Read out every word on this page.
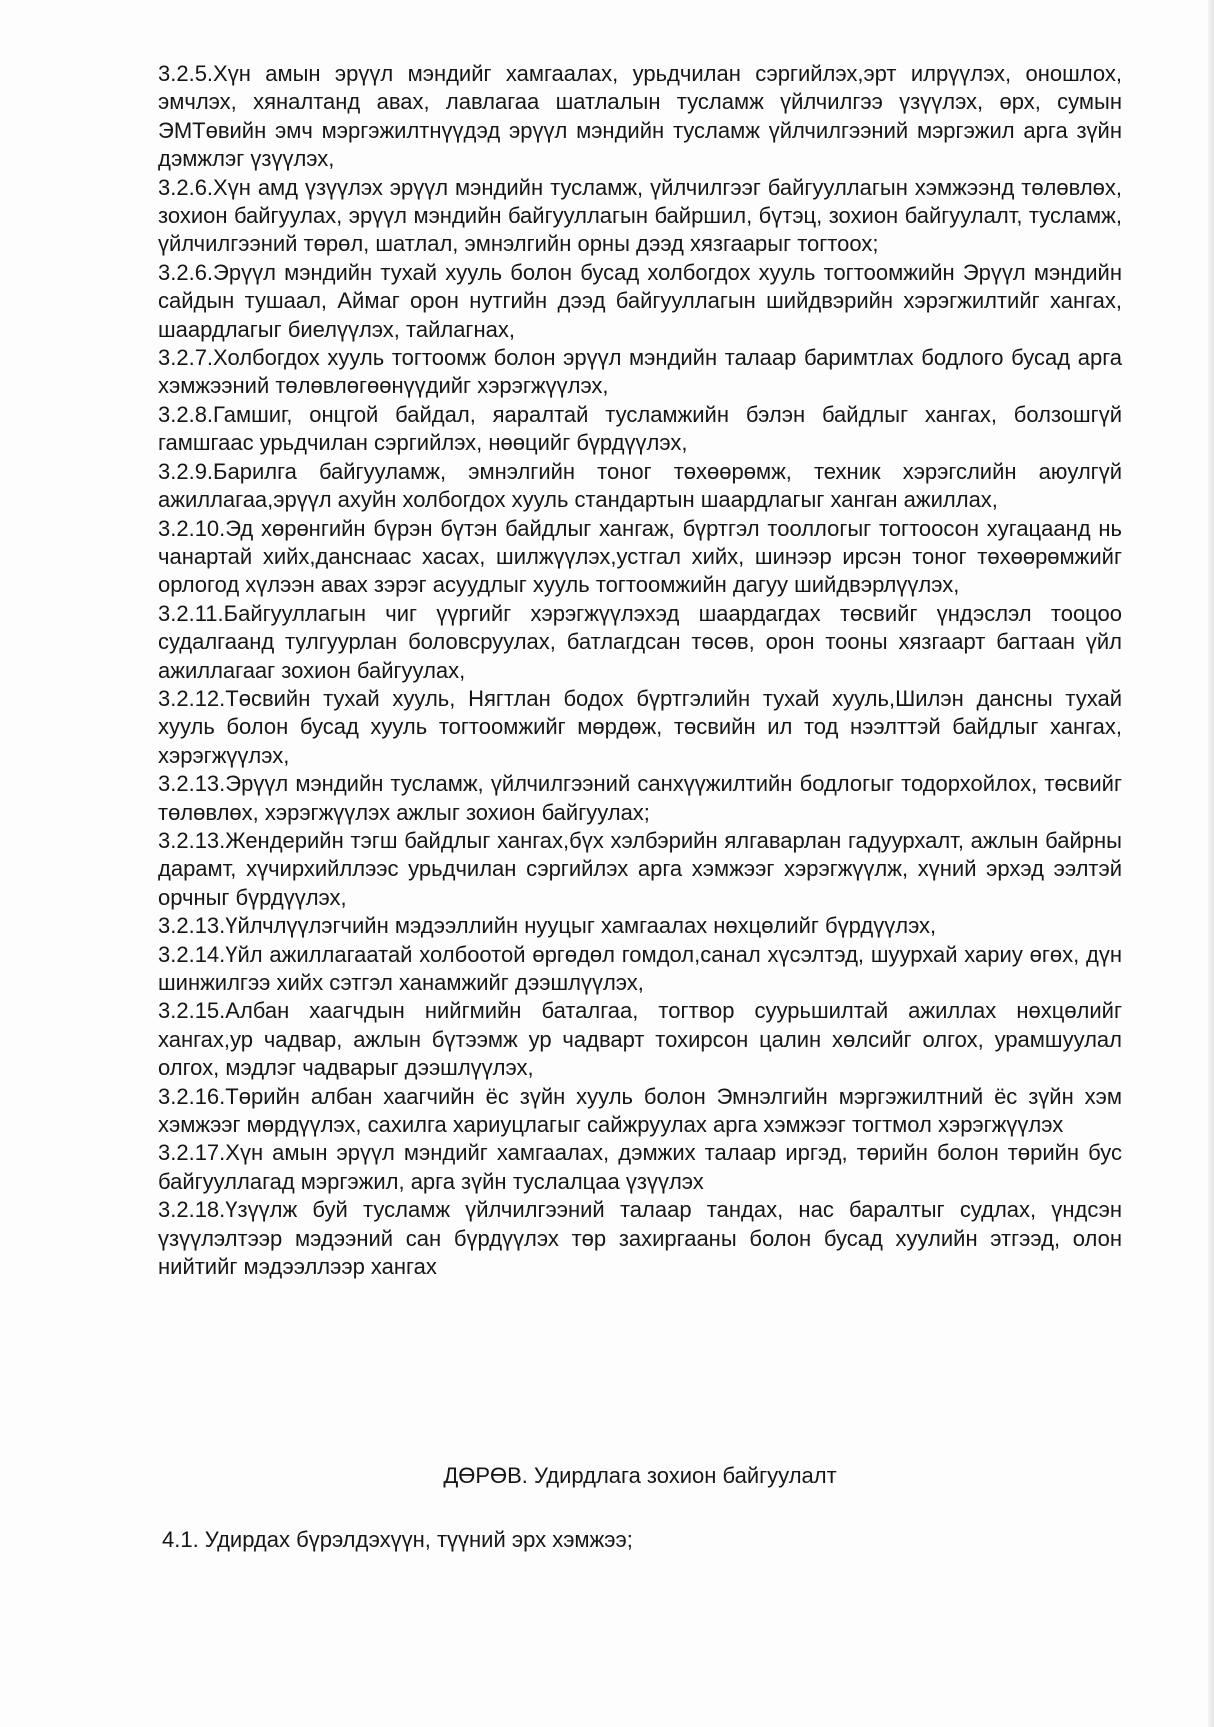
3.2.5.Хүн амын эрүүл мэндийг хамгаалах, урьдчилан сэргийлэх,эрт илрүүлэх, оношлох, эмчлэх, хяналтанд авах, лавлагаа шатлалын тусламж үйлчилгээ үзүүлэх, өрх, сумын ЭМТөвийн эмч мэргэжилтнүүдэд эрүүл мэндийн тусламж үйлчилгээний мэргэжил арга зүйн дэмжлэг үзүүлэх,

3.2.6.Хүн амд үзүүлэх эрүүл мэндийн тусламж, үйлчилгээг байгууллагын хэмжээнд төлөвлөх, зохион байгуулах, эрүүл мэндийн байгууллагын байршил, бүтэц, зохион байгуулалт, тусламж, үйлчилгээний төрөл, шатлал, эмнэлгийн орны дээд хязгаарыг тогтоох;

3.2.6.Эрүүл мэндийн тухай хууль болон бусад холбогдох хууль тогтоомжийн Эрүүл мэндийн сайдын тушаал, Аймаг орон нутгийн дээд байгууллагын шийдвэрийн хэрэгжилтийг хангах, шаардлагыг биелүүлэх, тайлагнах,

3.2.7.Холбогдох хууль тогтоомж болон эрүүл мэндийн талаар баримтлах бодлого бусад арга хэмжээний төлөвлөгөөнүүдийг хэрэгжүүлэх,

3.2.8.Гамшиг, онцгой байдал, яаралтай тусламжийн бэлэн байдлыг хангах, болзошгүй гамшгаас урьдчилан сэргийлэх, нөөцийг бүрдүүлэх,

3.2.9.Барилга байгууламж, эмнэлгийн тоног төхөөрөмж, техник хэрэгслийн аюулгүй ажиллагаа,эрүүл ахуйн холбогдох хууль стандартын шаардлагыг ханган ажиллах,

3.2.10.Эд хөрөнгийн бүрэн бүтэн байдлыг хангаж, бүртгэл тооллогыг тогтоосон хугацаанд нь чанартай хийх,данснаас хасах, шилжүүлэх,устгал хийх, шинээр ирсэн тоног төхөөрөмжийг орлогод хүлээн авах зэрэг асуудлыг хууль тогтоомжийн дагуу шийдвэрлүүлэх,

3.2.11.Байгууллагын чиг үүргийг хэрэгжүүлэхэд шаардагдах төсвийг үндэслэл тооцоо судалгаанд тулгуурлан боловсруулах, батлагдсан төсөв, орон тооны хязгаарт багтаан үйл ажиллагааг зохион байгуулах,

3.2.12.Төсвийн тухай хууль, Нягтлан бодох бүртгэлийн тухай хууль,Шилэн дансны тухай хууль болон бусад хууль тогтоомжийг мөрдөж, төсвийн ил тод нээлттэй байдлыг хангах, хэрэгжүүлэх,

3.2.13.Эрүүл мэндийн тусламж, үйлчилгээний санхүүжилтийн бодлогыг тодорхойлох, төсвийг төлөвлөх, хэрэгжүүлэх ажлыг зохион байгуулах;

3.2.13.Жендерийн тэгш байдлыг хангах,бүх хэлбэрийн ялгаварлан гадуурхалт, ажлын байрны дарамт, хүчирхийллээс урьдчилан сэргийлэх арга хэмжээг хэрэгжүүлж, хүний эрхэд ээлтэй орчныг бүрдүүлэх,

3.2.13.Үйлчлүүлэгчийн мэдээллийн нууцыг хамгаалах нөхцөлийг бүрдүүлэх,

3.2.14.Үйл ажиллагаатай холбоотой өргөдөл гомдол,санал хүсэлтэд, шуурхай хариу өгөх, дүн шинжилгээ хийх сэтгэл ханамжийг дээшлүүлэх,

3.2.15.Албан хаагчдын нийгмийн баталгаа, тогтвор суурьшилтай ажиллах нөхцөлийг хангах,ур чадвар, ажлын бүтээмж ур чадварт тохирсон цалин хөлсийг олгох, урамшуулал олгох, мэдлэг чадварыг дээшлүүлэх,

3.2.16.Төрийн албан хаагчийн ёс зүйн хууль болон Эмнэлгийн мэргэжилтний ёс зүйн хэм хэмжээг мөрдүүлэх, сахилга хариуцлагыг сайжруулах арга хэмжээг тогтмол хэрэгжүүлэх

3.2.17.Хүн амын эрүүл мэндийг хамгаалах, дэмжих талаар иргэд, төрийн болон төрийн бус байгууллагад мэргэжил, арга зүйн туслалцаа үзүүлэх

3.2.18.Үзүүлж буй тусламж үйлчилгээний талаар тандах, нас баралтыг судлах, үндсэн үзүүлэлтээр мэдээний сан бүрдүүлэх төр захиргааны болон бусад хуулийн этгээд, олон нийтийг мэдээллээр хангах

ДӨРӨВ. Удирдлага зохион байгуулалт

4.1. Удирдах бүрэлдэхүүн, түүний эрх хэмжээ;
